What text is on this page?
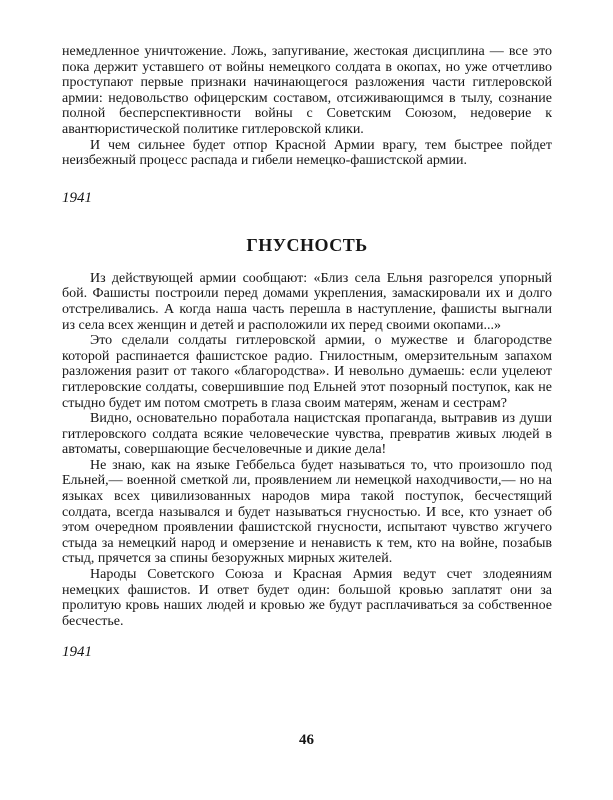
немедленное уничтожение. Ложь, запугивание, жестокая дисциплина — все это пока держит уставшего от войны немецкого солдата в окопах, но уже отчетливо проступают первые признаки начинающегося разложения части гитлеровской армии: недовольство офицерским составом, отсиживающимся в тылу, сознание полной бесперспективности войны с Советским Союзом, недоверие к авантюристической политике гитлеровской клики.

И чем сильнее будет отпор Красной Армии врагу, тем быстрее пойдет неизбежный процесс распада и гибели немецко-фашистской армии.

1941

ГНУСНОСТЬ

Из действующей армии сообщают: «Близ села Ельня разгорелся упорный бой. Фашисты построили перед домами укрепления, замаскировали их и долго отстреливались. А когда наша часть перешла в наступление, фашисты выгнали из села всех женщин и детей и расположили их перед своими окопами...»

Это сделали солдаты гитлеровской армии, о мужестве и благородстве которой распинается фашистское радио. Гнилостным, омерзительным запахом разложения разит от такого «благородства». И невольно думаешь: если уцелеют гитлеровские солдаты, совершившие под Ельней этот позорный поступок, как не стыдно будет им потом смотреть в глаза своим матерям, женам и сестрам?

Видно, основательно поработала нацистская пропаганда, вытравив из души гитлеровского солдата всякие человеческие чувства, превратив живых людей в автоматы, совершающие бесчеловечные и дикие дела!

Не знаю, как на языке Геббельса будет называться то, что произошло под Ельней,— военной сметкой ли, проявлением ли немецкой находчивости,— но на языках всех цивилизованных народов мира такой поступок, бесчестящий солдата, всегда назывался и будет называться гнусностью. И все, кто узнает об этом очередном проявлении фашистской гнусности, испытают чувство жгучего стыда за немецкий народ и омерзение и ненависть к тем, кто на войне, позабыв стыд, прячется за спины безоружных мирных жителей.

Народы Советского Союза и Красная Армия ведут счет злодеяниям немецких фашистов. И ответ будет один: большой кровью заплатят они за пролитую кровь наших людей и кровью же будут расплачиваться за собственное бесчестье.

1941

46
